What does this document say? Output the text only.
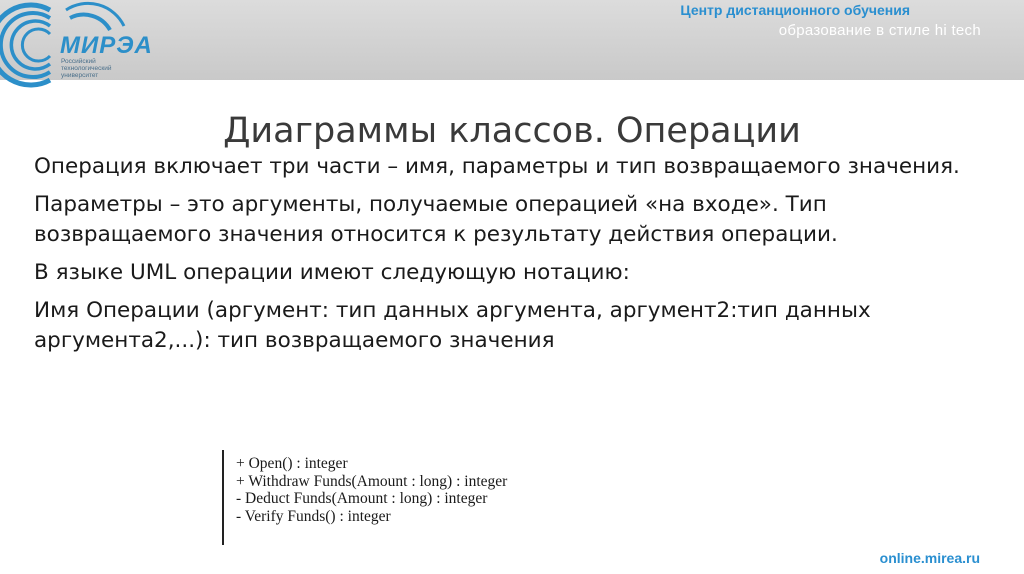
МИРЭА
Российский технологический университет
Центр дистанционного обучения
образование в стиле hi tech
Диаграммы классов. Операции

Операция включает три части – имя, параметры и тип возвращаемого значения.

Параметры – это аргументы, получаемые операцией «на входе». Тип возвращаемого значения относится к результату действия операции.

В языке UML операции имеют следующую нотацию:

Имя Операции (аргумент: тип данных аргумента, аргумент2:тип данных аргумента2,...): тип возвращаемого значения

+ Open() : integer
+ Withdraw Funds(Amount : long) : integer
- Deduct Funds(Amount : long) : integer
- Verify Funds() : integer
online.mirea.ru
